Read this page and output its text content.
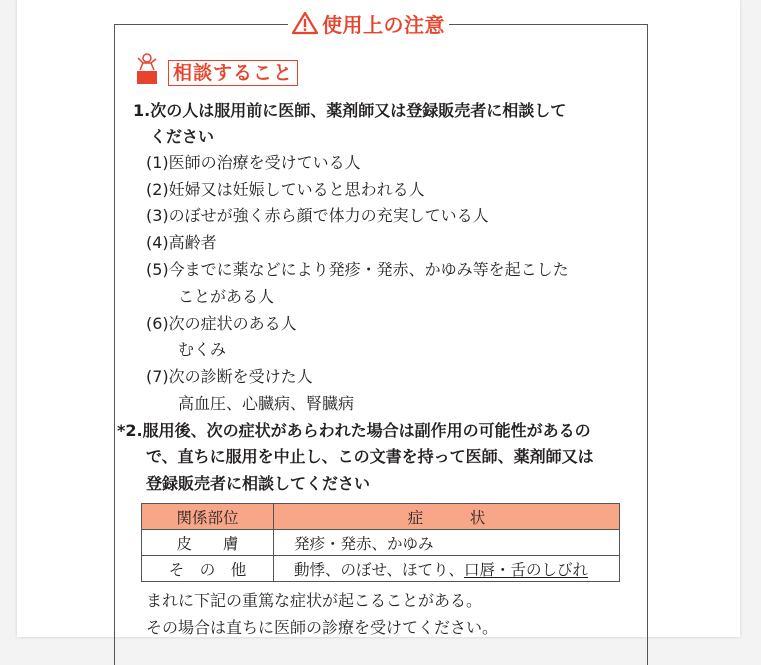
使用上の注意
相談すること
1.次の人は服用前に医師、薬剤師又は登録販売者に相談して
ください
(1)医師の治療を受けている人
(2)妊婦又は妊娠していると思われる人
(3)のぼせが強く赤ら顔で体力の充実している人
(4)高齢者
(5)今までに薬などにより発疹・発赤、かゆみ等を起こした
ことがある人
(6)次の症状のある人
むくみ
(7)次の診断を受けた人
高血圧、心臓病、腎臓病
*2.服用後、次の症状があらわれた場合は副作用の可能性があるの
で、直ちに服用を中止し、この文書を持って医師、薬剤師又は
登録販売者に相談してください
関係部位	症　　　状
皮　　膚	発疹・発赤、かゆみ
そ　の　他	動悸、のぼせ、ほてり、口唇・舌のしびれ
まれに下記の重篤な症状が起こることがある。
その場合は直ちに医師の診療を受けてください。
